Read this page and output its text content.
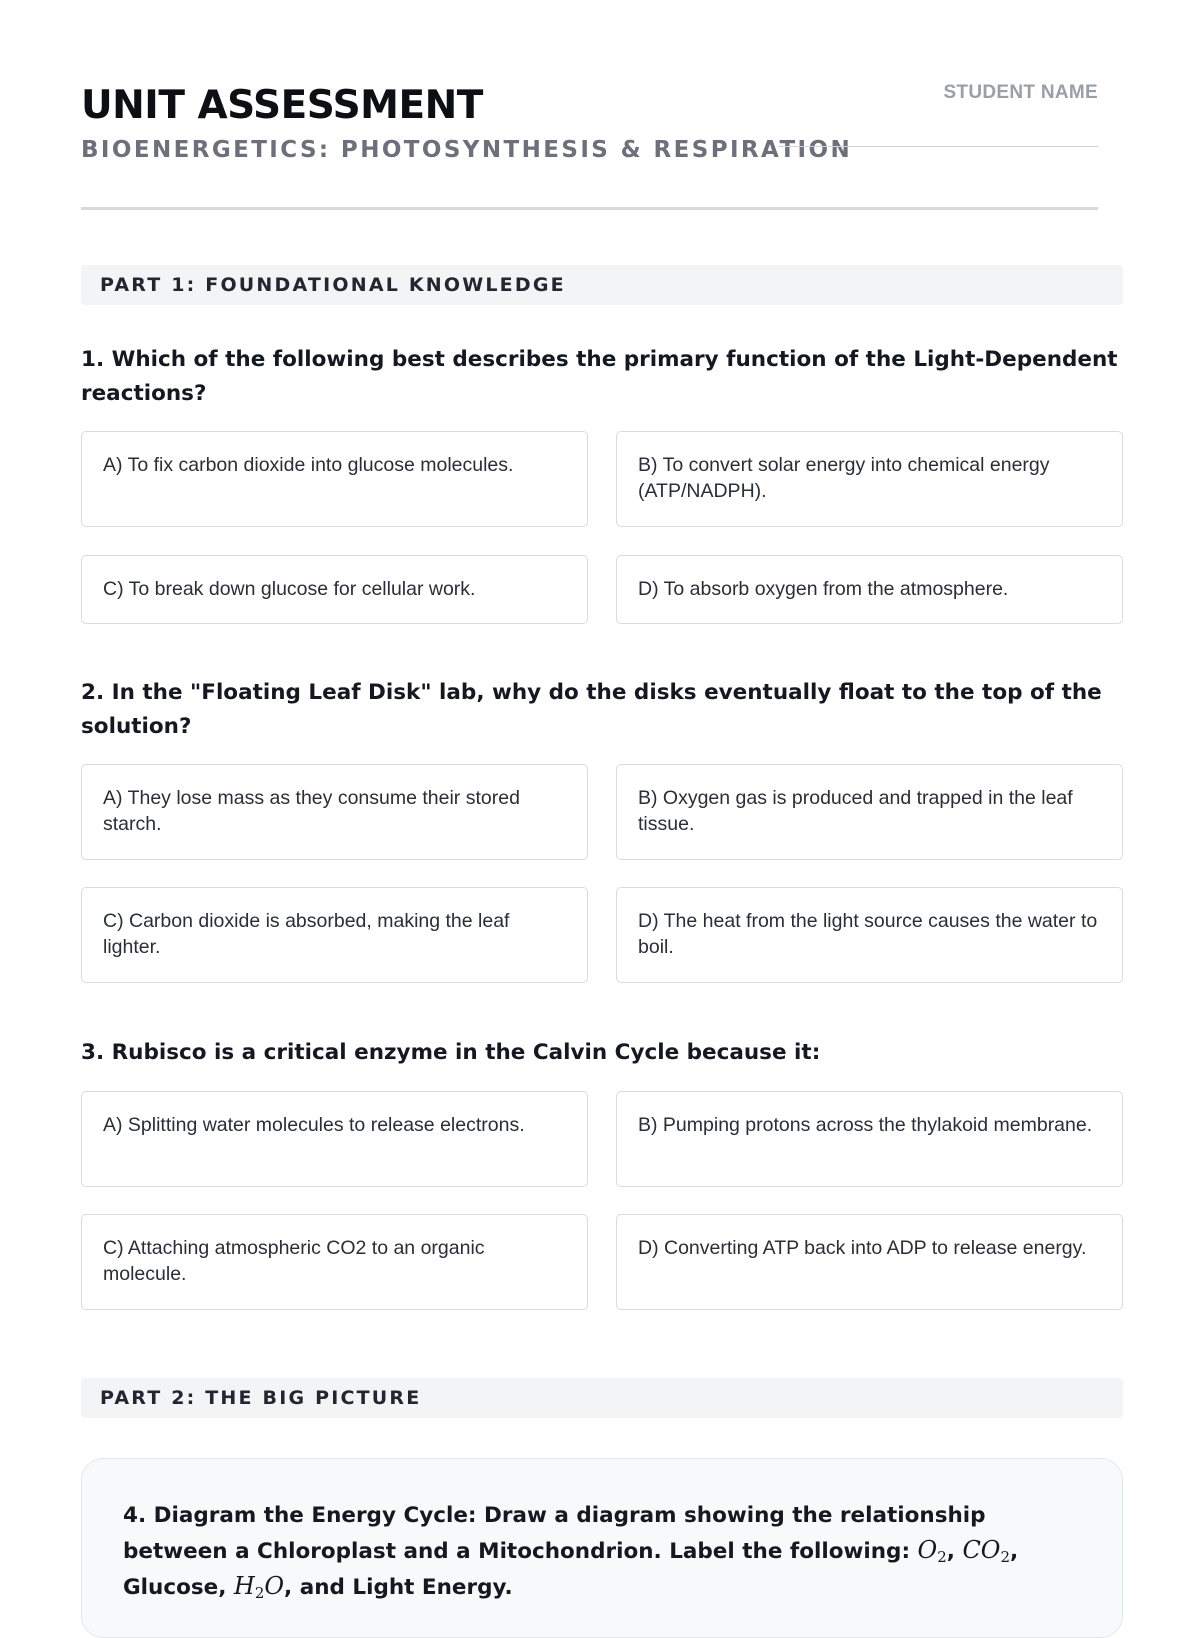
UNIT ASSESSMENT
BIOENERGETICS: PHOTOSYNTHESIS & RESPIRATION
STUDENT NAME
PART 1: FOUNDATIONAL KNOWLEDGE

1. Which of the following best describes the primary function of the Light-Dependent reactions?

A) To fix carbon dioxide into glucose molecules.	B) To convert solar energy into chemical energy (ATP/NADPH).
C) To break down glucose for cellular work.	D) To absorb oxygen from the atmosphere.

2. In the "Floating Leaf Disk" lab, why do the disks eventually float to the top of the solution?

A) They lose mass as they consume their stored starch.
B) Oxygen gas is produced and trapped in the leaf tissue.
C) Carbon dioxide is absorbed, making the leaf lighter.
D) The heat from the light source causes the water to boil.

3. Rubisco is a critical enzyme in the Calvin Cycle because it:

A) Splitting water molecules to release electrons.	B) Pumping protons across the thylakoid membrane.
C) Attaching atmospheric CO2 to an organic molecule.
D) Converting ATP back into ADP to release energy.
PART 2: THE BIG PICTURE

4. Diagram the Energy Cycle: Draw a diagram showing the relationship between a Chloroplast and a Mitochondrion. Label the following: $O_2$, $CO_2$, Glucose, $H_2O$, and Light Energy.
